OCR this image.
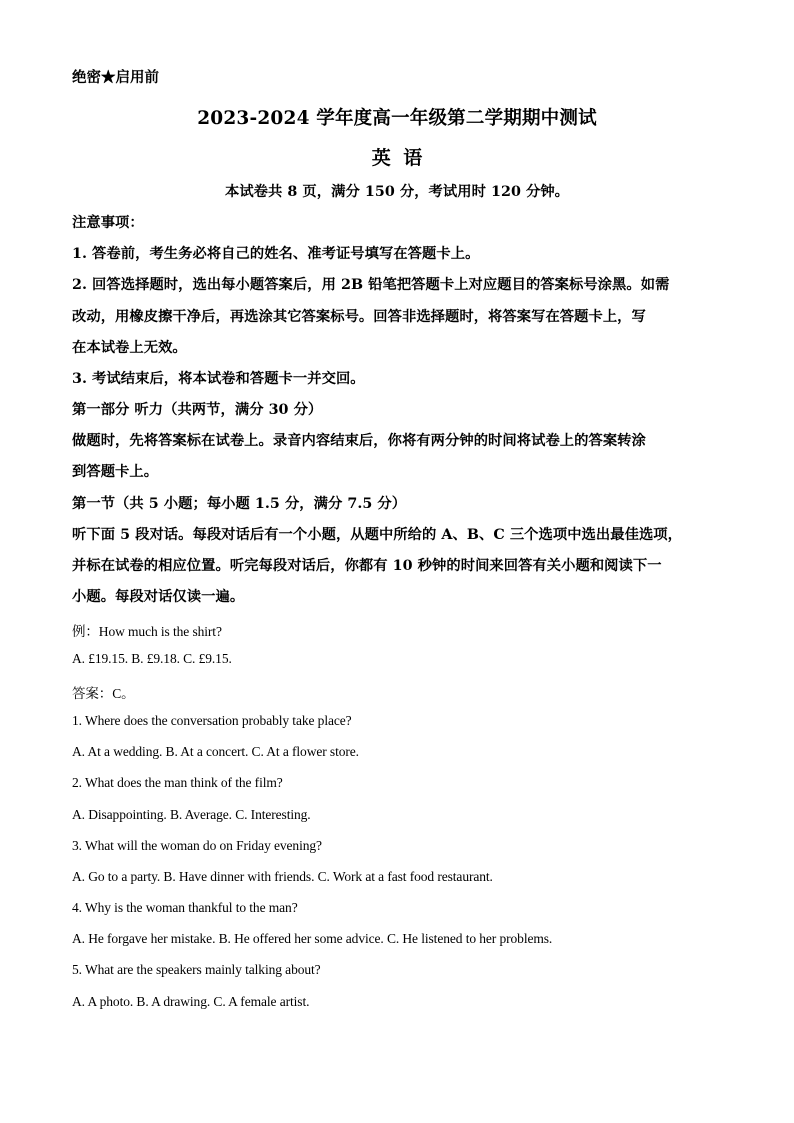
绝密★启用前
2023-2024 学年度高一年级第二学期期中测试
英 语
本试卷共 8 页，满分 150 分，考试用时 120 分钟。
注意事项：
1. 答卷前，考生务必将自己的姓名、准考证号填写在答题卡上。
2. 回答选择题时，选出每小题答案后，用 2B 铅笔把答题卡上对应题目的答案标号涂黑。如需
改动，用橡皮擦干净后，再选涂其它答案标号。回答非选择题时，将答案写在答题卡上，写
在本试卷上无效。
3. 考试结束后，将本试卷和答题卡一并交回。
第一部分 听力（共两节，满分 30 分）
做题时，先将答案标在试卷上。录音内容结束后，你将有两分钟的时间将试卷上的答案转涂
到答题卡上。
第一节（共 5 小题；每小题 1.5 分，满分 7.5 分）
听下面 5 段对话。每段对话后有一个小题，从题中所给的 A、B、C 三个选项中选出最佳选项，
并标在试卷的相应位置。听完每段对话后，你都有 10 秒钟的时间来回答有关小题和阅读下一
小题。每段对话仅读一遍。
例：How much is the shirt?
A. £19.15. B. £9.18. C. £9.15.
答案：C。
1. Where does the conversation probably take place?
A. At a wedding. B. At a concert. C. At a flower store.
2. What does the man think of the film?
A. Disappointing. B. Average. C. Interesting.
3. What will the woman do on Friday evening?
A. Go to a party. B. Have dinner with friends. C. Work at a fast food restaurant.
4. Why is the woman thankful to the man?
A. He forgave her mistake. B. He offered her some advice. C. He listened to her problems.
5. What are the speakers mainly talking about?
A. A photo. B. A drawing. C. A female artist.
